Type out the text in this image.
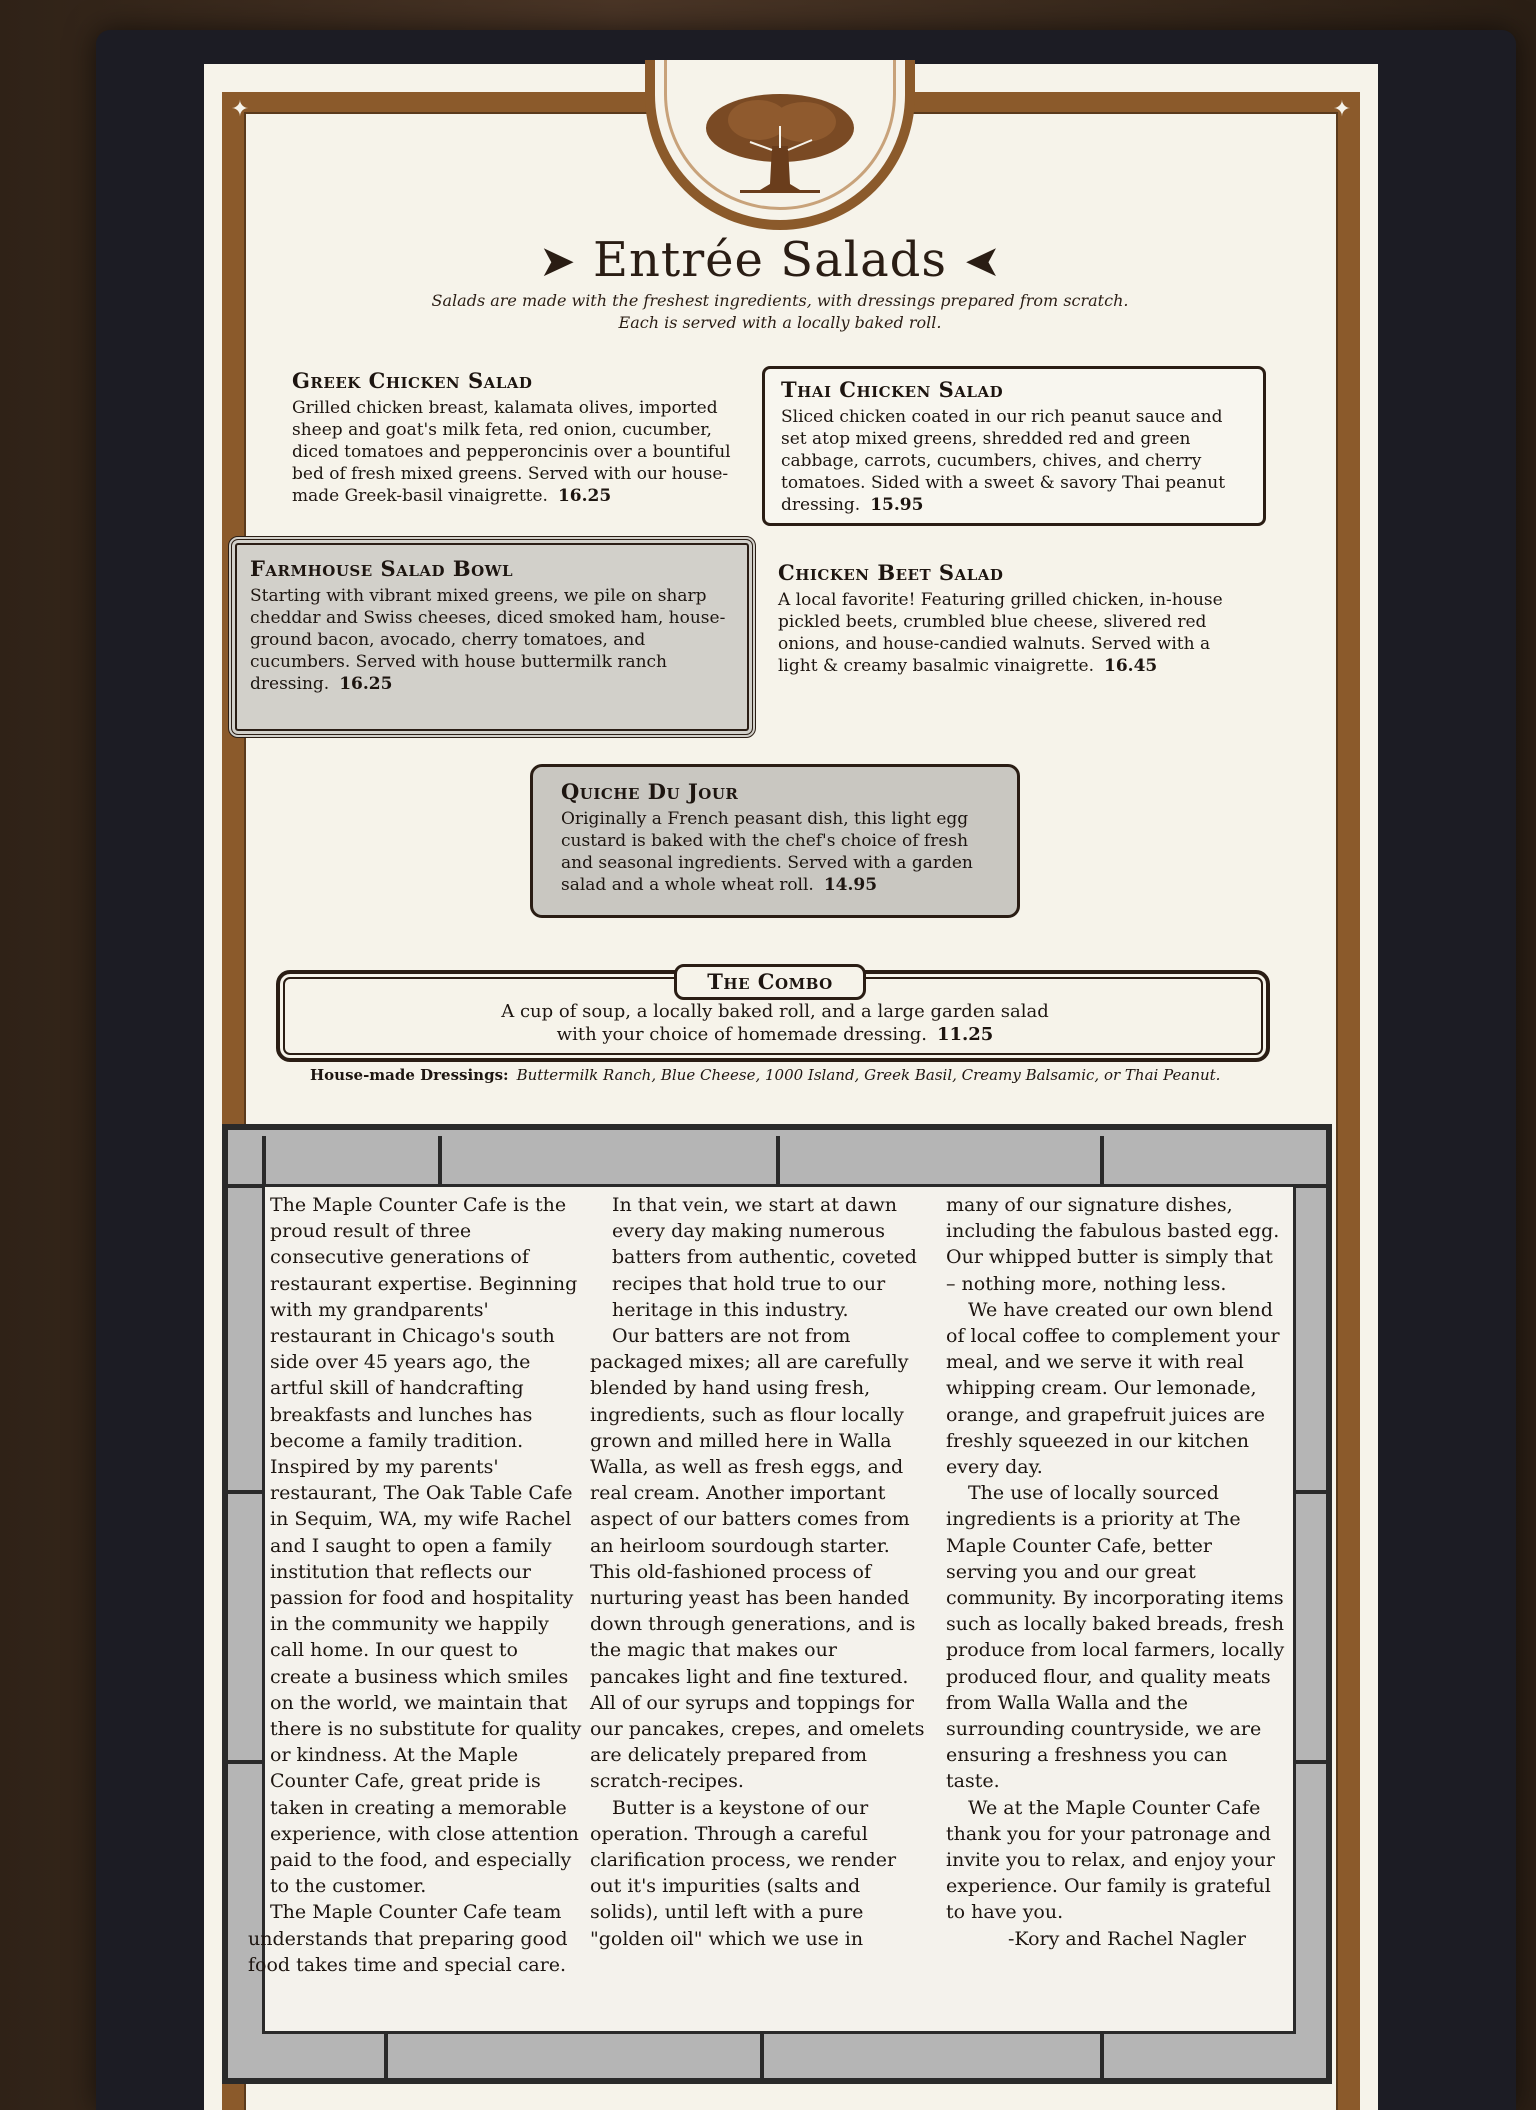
✦	✦
➤ Entrée Salads ➤
Salads are made with the freshest ingredients, with dressings prepared from scratch.
Each is served with a locally baked roll.
Greek Chicken Salad
Grilled chicken breast, kalamata olives, imported sheep and goat's milk feta, red onion, cucumber, diced tomatoes and pepperoncinis over a bountiful bed of fresh mixed greens. Served with our house-made Greek-basil vinaigrette. 16.25
Thai Chicken Salad
Sliced chicken coated in our rich peanut sauce and set atop mixed greens, shredded red and green cabbage, carrots, cucumbers, chives, and cherry tomatoes. Sided with a sweet & savory Thai peanut dressing. 15.95
Farmhouse Salad Bowl
Starting with vibrant mixed greens, we pile on sharp cheddar and Swiss cheeses, diced smoked ham, house-ground bacon, avocado, cherry tomatoes, and cucumbers. Served with house buttermilk ranch dressing. 16.25
Chicken Beet Salad
A local favorite! Featuring grilled chicken, in-house pickled beets, crumbled blue cheese, slivered red onions, and house-candied walnuts. Served with a light & creamy basalmic vinaigrette. 16.45
Quiche Du Jour
Originally a French peasant dish, this light egg custard is baked with the chef's choice of fresh and seasonal ingredients. Served with a garden salad and a whole wheat roll. 14.95
The Combo
A cup of soup, a locally baked roll, and a large garden salad
with your choice of homemade dressing. 11.25
House-made Dressings: Buttermilk Ranch, Blue Cheese, 1000 Island, Greek Basil, Creamy Balsamic, or Thai Peanut.

The Maple Counter Cafe is the proud result of three consecutive generations of restaurant expertise. Beginning with my grandparents' restaurant in Chicago's south side over 45 years ago, the artful skill of handcrafting breakfasts and lunches has become a family tradition. Inspired by my parents' restaurant, The Oak Table Cafe in Sequim, WA, my wife Rachel and I saught to open a family institution that reflects our passion for food and hospitality in the community we happily call home. In our quest to create a business which smiles on the world, we maintain that there is no substitute for quality or kindness. At the Maple Counter Cafe, great pride is taken in creating a memorable experience, with close attention paid to the food, and especially to the customer.

The Maple Counter Cafe team understands that preparing good food takes time and special care.

In that vein, we start at dawn every day making numerous batters from authentic, coveted recipes that hold true to our heritage in this industry.

Our batters are not from packaged mixes; all are carefully blended by hand using fresh, ingredients, such as flour locally grown and milled here in Walla Walla, as well as fresh eggs, and real cream. Another important aspect of our batters comes from an heirloom sourdough starter. This old-fashioned process of nurturing yeast has been handed down through generations, and is the magic that makes our pancakes light and fine textured. All of our syrups and toppings for our pancakes, crepes, and omelets are delicately prepared from scratch-recipes.

Butter is a keystone of our operation. Through a careful clarification process, we render out it's impurities (salts and solids), until left with a pure "golden oil" which we use in

many of our signature dishes, including the fabulous basted egg. Our whipped butter is simply that – nothing more, nothing less.

We have created our own blend of local coffee to complement your meal, and we serve it with real whipping cream. Our lemonade, orange, and grapefruit juices are freshly squeezed in our kitchen every day.

The use of locally sourced ingredients is a priority at The Maple Counter Cafe, better serving you and our great community. By incorporating items such as locally baked breads, fresh produce from local farmers, locally produced flour, and quality meats from Walla Walla and the surrounding countryside, we are ensuring a freshness you can taste.

We at the Maple Counter Cafe thank you for your patronage and invite you to relax, and enjoy your experience. Our family is grateful to have you.

-Kory and Rachel Nagler
